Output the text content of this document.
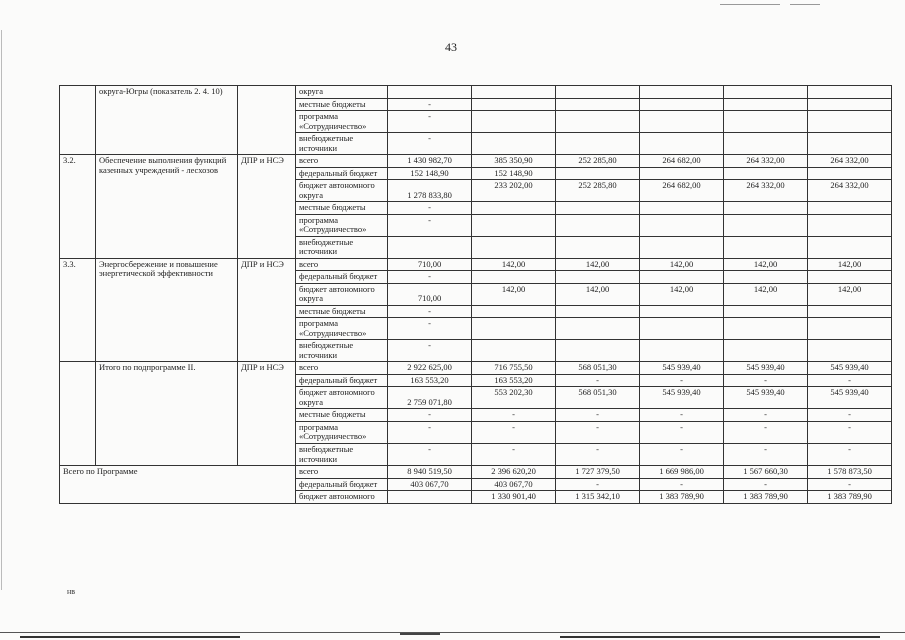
43
	округа-Югры (показатель 2. 4. 10)		округа						
			местные бюджеты	-					
			программа «Сотрудничество»	-					
			внебюджетные источники	-					
3.2.	Обеспечение выполнения функций казенных учреждений - лесхозов	ДПР и НСЭ	всего	1 430 982,70	385 350,90	252 285,80	264 682,00	264 332,00	264 332,00
			федеральный бюджет	152 148,90	152 148,90				
			бюджет автономного округа	1 278 833,80	233 202,00	252 285,80	264 682,00	264 332,00	264 332,00
			местные бюджеты	-					
			программа «Сотрудничество»	-					
			внебюджетные источники						
3.3.	Энергосбережение и повышение энергетической эффективности	ДПР и НСЭ	всего	710,00	142,00	142,00	142,00	142,00	142,00
			федеральный бюджет	-					
			бюджет автономного округа	710,00	142,00	142,00	142,00	142,00	142,00
			местные бюджеты	-					
			программа «Сотрудничество»	-					
			внебюджетные источники	-					
	Итого по подпрограмме II.	ДПР и НСЭ	всего	2 922 625,00	716 755,50	568 051,30	545 939,40	545 939,40	545 939,40
			федеральный бюджет	163 553,20	163 553,20	-	-	-	-
			бюджет автономного округа	2 759 071,80	553 202,30	568 051,30	545 939,40	545 939,40	545 939,40
			местные бюджеты	-	-	-	-	-	-
			программа «Сотрудничество»	-	-	-	-	-	-
			внебюджетные источники	-	-	-	-	-	-
Всего по Программе			всего	8 940 519,50	2 396 620,20	1 727 379,50	1 669 986,00	1 567 660,30	1 578 873,50
			федеральный бюджет	403 067,70	403 067,70	-	-	-	-
			бюджет автономного		1 330 901,40	1 315 342,10	1 383 789,90	1 383 789,90	1 383 789,90
нв
